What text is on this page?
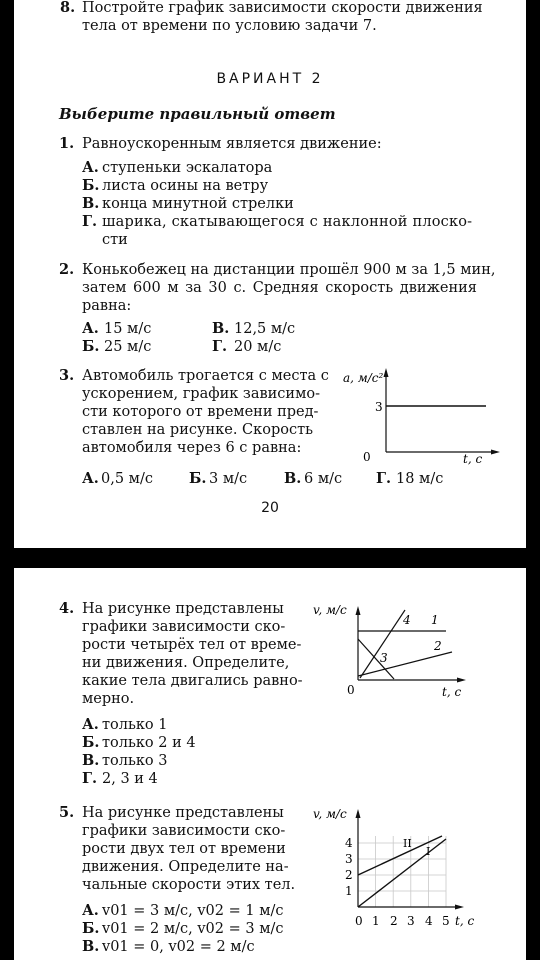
8. Постройте график зависимости скорости движения
тела от времени по условию задачи 7.
ВАРИАНТ 2
Выберите правильный ответ
1. Равноускоренным является движение:
А. ступеньки эскалатора
Б. листа осины на ветру
В. конца минутной стрелки
Г. шарика, скатывающегося с наклонной плоско-
сти
2. Конькобежец на дистанции прошёл 900 м за 1,5 мин,
затем 600 м за 30 с. Средняя скорость движения
равна:
А. 15 м/с	В. 12,5 м/с
Б. 25 м/с	Г. 20 м/с
3. Автомобиль трогается с места с
ускорением, график зависимо-
сти которого от времени пред-
ставлен на рисунке. Скорость
автомобиля через 6 с равна:
a, м/с²
3
0	t, с
А. 0,5 м/с Б. 3 м/с	В. 6 м/с Г. 18 м/с
20
4. На рисунке представлены
графики зависимости ско-
рости четырёх тел от време-
ни движения. Определите,
какие тела двигались равно-
мерно.
А. только 1
Б. только 2 и 4
В. только 3
Г. 2, 3 и 4
v, м/с
0	t, с
4 1
2
3
5. На рисунке представлены
графики зависимости ско-
рости двух тел от времени
движения. Определите на-
чальные скорости этих тел.
А. v01 = 3 м/с, v02 = 1 м/с
Б. v01 = 2 м/с, v02 = 3 м/с
В. v01 = 0, v02 = 2 м/с
v, м/с
1
2
3
4
0 1 2 3 4 5 t, с
II
I
